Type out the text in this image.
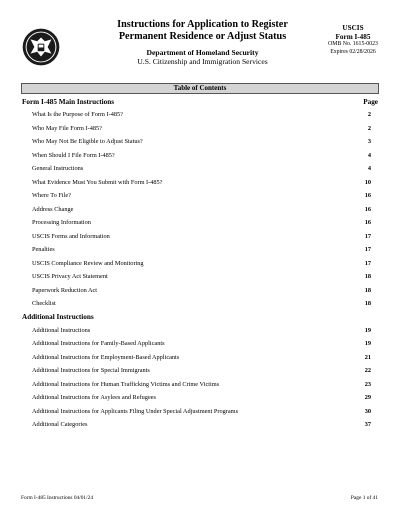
Instructions for Application to Register
Permanent Residence or Adjust Status
Department of Homeland Security
U.S. Citizenship and Immigration Services
USCIS
Form I-485
OMB No. 1615-0023
Expires 02/28/2026
Table of Contents
Form I-485 Main Instructions	Page
What Is the Purpose of Form I-485?	2
Who May File Form I-485?	2
Who May Not Be Eligible to Adjust Status?	3
When Should I File Form I-485?	4
General Instructions	4
What Evidence Must You Submit with Form I-485?	10
Where To File?	16
Address Change	16
Processing Information	16
USCIS Forms and Information	17
Penalties	17
USCIS Compliance Review and Monitoring	17
USCIS Privacy Act Statement	18
Paperwork Reduction Act	18
Checklist	18
Additional Instructions
Additional Instructions	19
Additional Instructions for Family-Based Applicants	19
Additional Instructions for Employment-Based Applicants	21
Additional Instructions for Special Immigrants	22
Additional Instructions for Human Trafficking Victims and Crime Victims	23
Additional Instructions for Asylees and Refugees	29
Additional Instructions for Applicants Filing Under Special Adjustment Programs	30
Additional Categories	37
Form I-485 Instructions 04/01/24	Page 1 of 41
